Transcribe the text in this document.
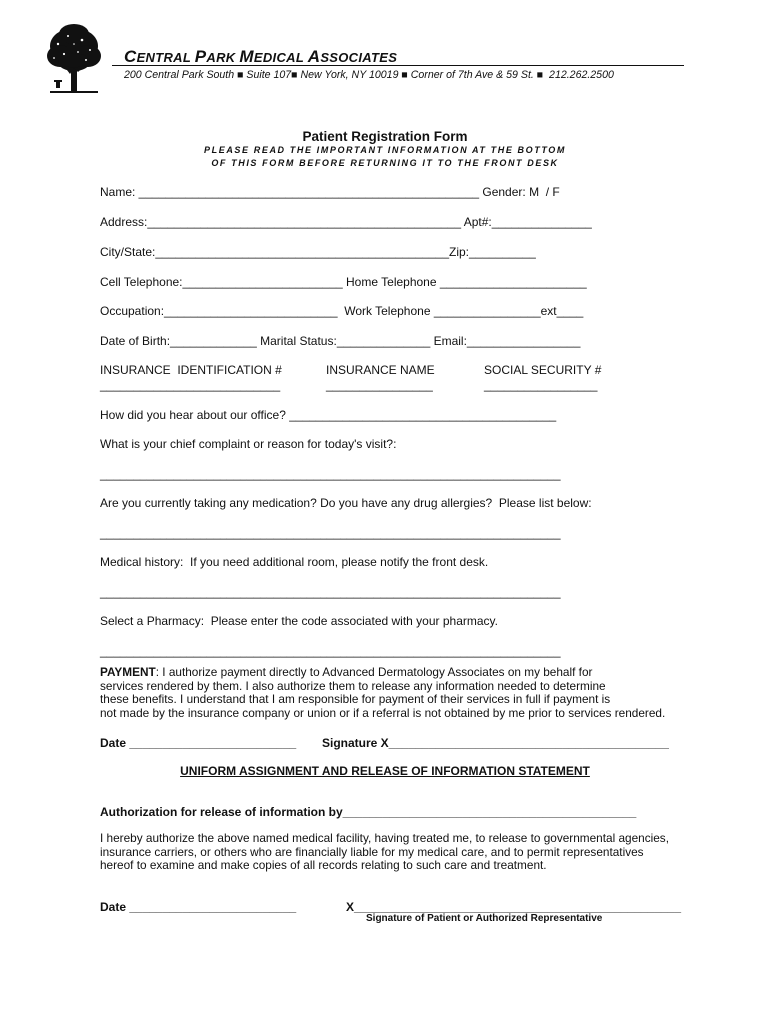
CENTRAL PARK MEDICAL ASSOCIATES
200 Central Park South ■ Suite 107■ New York, NY 10019 ■ Corner of 7th Ave & 59 St. ■  212.262.2500
Patient Registration Form
PLEASE READ THE IMPORTANT INFORMATION AT THE BOTTOM
OF THIS FORM BEFORE RETURNING IT TO THE FRONT DESK
Name: ___________________________________________________ Gender: M  / F
Address:_______________________________________________ Apt#:_______________
City/State:____________________________________________Zip:__________
Cell Telephone:________________________ Home Telephone ______________________
Occupation:__________________________  Work Telephone ________________ext____
Date of Birth:_____________ Marital Status:______________ Email:_________________
INSURANCE  IDENTIFICATION #	INSURANCE NAME	SOCIAL SECURITY #
___________________________	________________	_________________
How did you hear about our office? ________________________________________
What is your chief complaint or reason for today's visit?:
_____________________________________________________________________
Are you currently taking any medication? Do you have any drug allergies?  Please list below:
_____________________________________________________________________
Medical history:  If you need additional room, please notify the front desk.
_____________________________________________________________________
Select a Pharmacy:  Please enter the code associated with your pharmacy.
_____________________________________________________________________
PAYMENT: I authorize payment directly to Advanced Dermatology Associates on my behalf for
services rendered by them. I also authorize them to release any information needed to determine
these benefits. I understand that I am responsible for payment of their services in full if payment is
not made by the insurance company or union or if a referral is not obtained by me prior to services rendered.
Date _________________________ Signature X__________________________________________
UNIFORM ASSIGNMENT AND RELEASE OF INFORMATION STATEMENT
Authorization for release of information by____________________________________________
I hereby authorize the above named medical facility, having treated me, to release to governmental agencies,
insurance carriers, or others who are financially liable for my medical care, and to permit representatives
hereof to examine and make copies of all records relating to such care and treatment.
Date _________________________	X_________________________________________________
Signature of Patient or Authorized Representative
